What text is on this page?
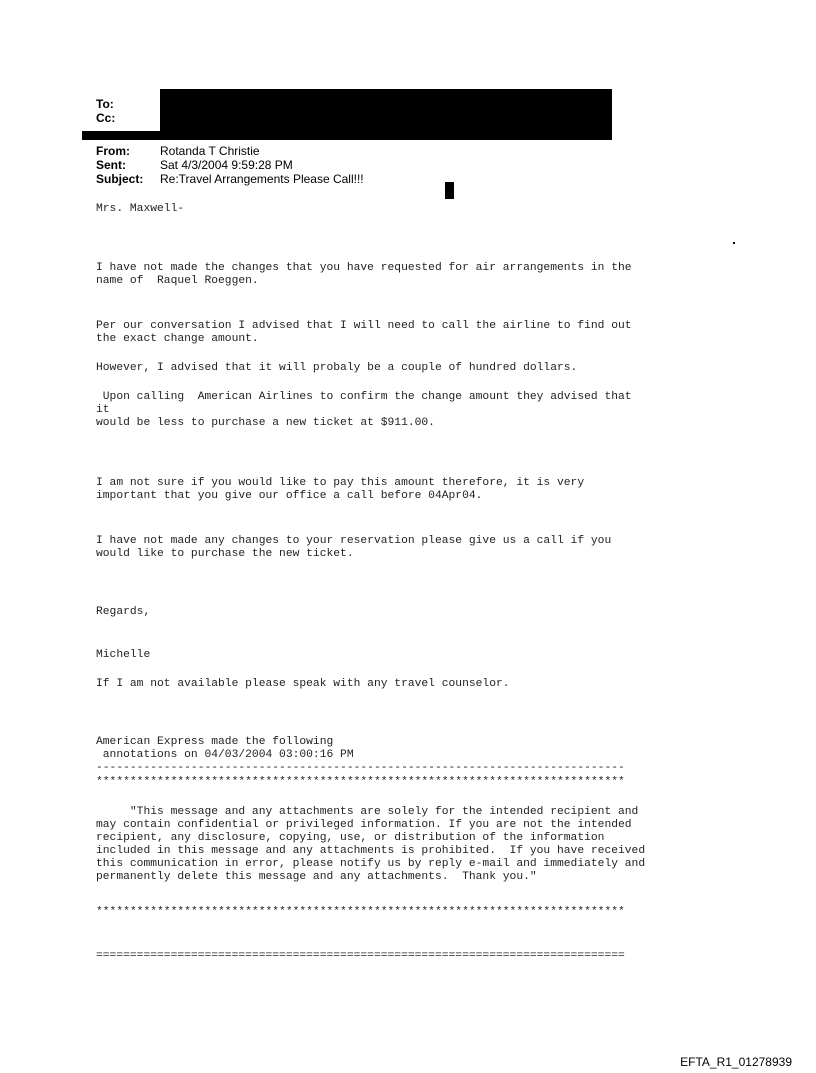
To:
Cc:
From:	Rotanda T Christie
Sent:	Sat 4/3/2004 9:59:28 PM
Subject: Re:Travel Arrangements Please Call!!!
Mrs. Maxwell-
I have not made the changes that you have requested for air arrangements in the
name of  Raquel Roeggen.
Per our conversation I advised that I will need to call the airline to find out
the exact change amount.
However, I advised that it will probaly be a couple of hundred dollars.
Upon calling  American Airlines to confirm the change amount they advised that
it
would be less to purchase a new ticket at $911.00.
I am not sure if you would like to pay this amount therefore, it is very
important that you give our office a call before 04Apr04.
I have not made any changes to your reservation please give us a call if you
would like to purchase the new ticket.
Regards,
Michelle
If I am not available please speak with any travel counselor.
American Express made the following
annotations on 04/03/2004 03:00:16 PM
------------------------------------------------------------------------------
******************************************************************************
"This message and any attachments are solely for the intended recipient and
may contain confidential or privileged information. If you are not the intended
recipient, any disclosure, copying, use, or distribution of the information
included in this message and any attachments is prohibited.  If you have received
this communication in error, please notify us by reply e-mail and immediately and
permanently delete this message and any attachments.  Thank you."
******************************************************************************
==============================================================================
EFTA_R1_01278939
